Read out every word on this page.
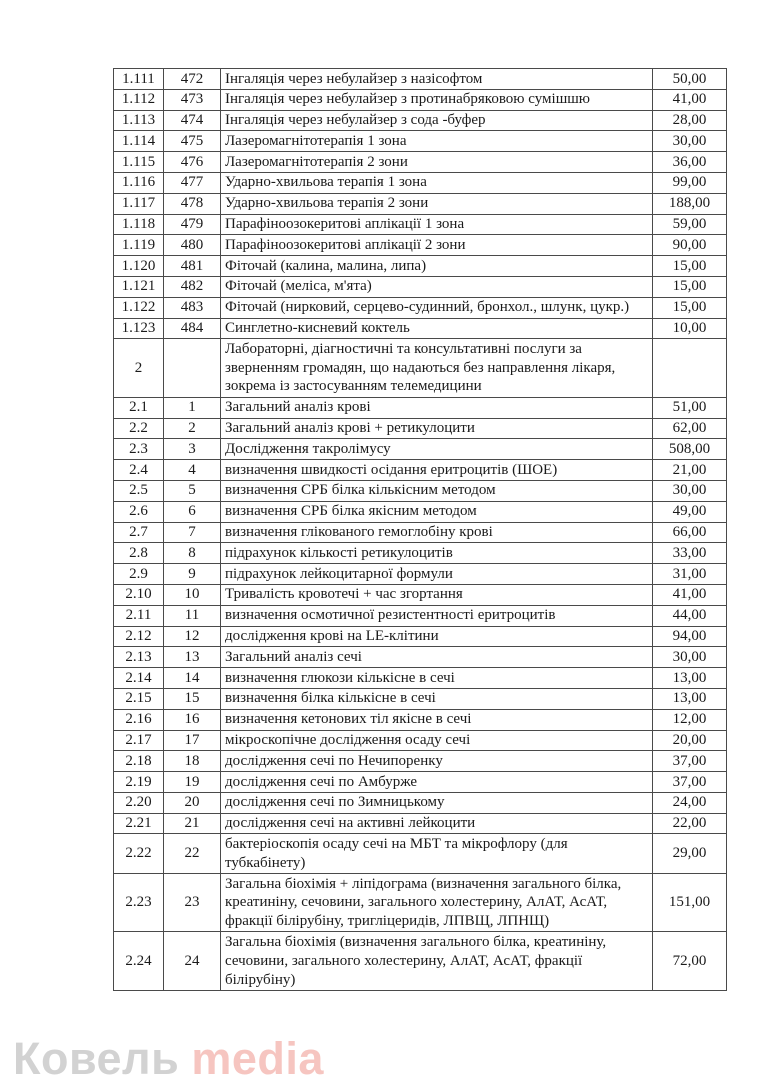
1.111	472	Інгаляція через небулайзер з назісофтом	50,00
1.112	473	Інгаляція через небулайзер з протинабряковою сумішшю	41,00
1.113	474	Інгаляція через небулайзер з сода -буфер	28,00
1.114	475	Лазеромагнітотерапія 1 зона	30,00
1.115	476	Лазеромагнітотерапія 2 зони	36,00
1.116	477	Ударно-хвильова терапія 1 зона	99,00
1.117	478	Ударно-хвильова терапія 2 зони	188,00
1.118	479	Парафіноозокеритові аплікації 1 зона	59,00
1.119	480	Парафіноозокеритові аплікації 2 зони	90,00
1.120	481	Фіточай (калина, малина, липа)	15,00
1.121	482	Фіточай (меліса, м'ята)	15,00
1.122	483	Фіточай (нирковий, серцево-судинний, бронхол., шлунк, цукр.)	15,00
1.123	484	Синглетно-кисневий коктель	10,00
2		Лабораторні, діагностичні та консультативні послуги за зверненням громадян, що надаються без направлення лікаря, зокрема із застосуванням телемедицини	
2.1	1	Загальний аналіз крові	51,00
2.2	2	Загальний аналіз крові + ретикулоцити	62,00
2.3	3	Дослідження такролімусу	508,00
2.4	4	визначення швидкості осідання еритроцитів (ШОЕ)	21,00
2.5	5	визначення СРБ білка кількісним методом	30,00
2.6	6	визначення СРБ білка якісним методом	49,00
2.7	7	визначення глікованого гемоглобіну крові	66,00
2.8	8	підрахунок кількості ретикулоцитів	33,00
2.9	9	підрахунок лейкоцитарної формули	31,00
2.10	10	Тривалість кровотечі + час згортання	41,00
2.11	11	визначення осмотичної резистентності еритроцитів	44,00
2.12	12	дослідження крові на LE-клітини	94,00
2.13	13	Загальний аналіз сечі	30,00
2.14	14	визначення глюкози кількісне в сечі	13,00
2.15	15	визначення білка кількісне в сечі	13,00
2.16	16	визначення кетонових тіл якісне в сечі	12,00
2.17	17	мікроскопічне дослідження осаду сечі	20,00
2.18	18	дослідження сечі по Нечипоренку	37,00
2.19	19	дослідження сечі по Амбурже	37,00
2.20	20	дослідження сечі по Зимницькому	24,00
2.21	21	дослідження сечі на активні лейкоцити	22,00
2.22	22	бактеріоскопія осаду сечі на МБТ та мікрофлору (для тубкабінету)	29,00
2.23	23	Загальна біохімія + ліпідограма (визначення загального білка, креатиніну, сечовини, загального холестерину, АлАТ, АсАТ, фракції білірубіну, тригліцеридів, ЛПВЩ, ЛПНЩ)	151,00
2.24	24	Загальна біохімія (визначення загального білка, креатиніну, сечовини, загального холестерину, АлАТ, АсАТ, фракції білірубіну)	72,00
Ковель media
